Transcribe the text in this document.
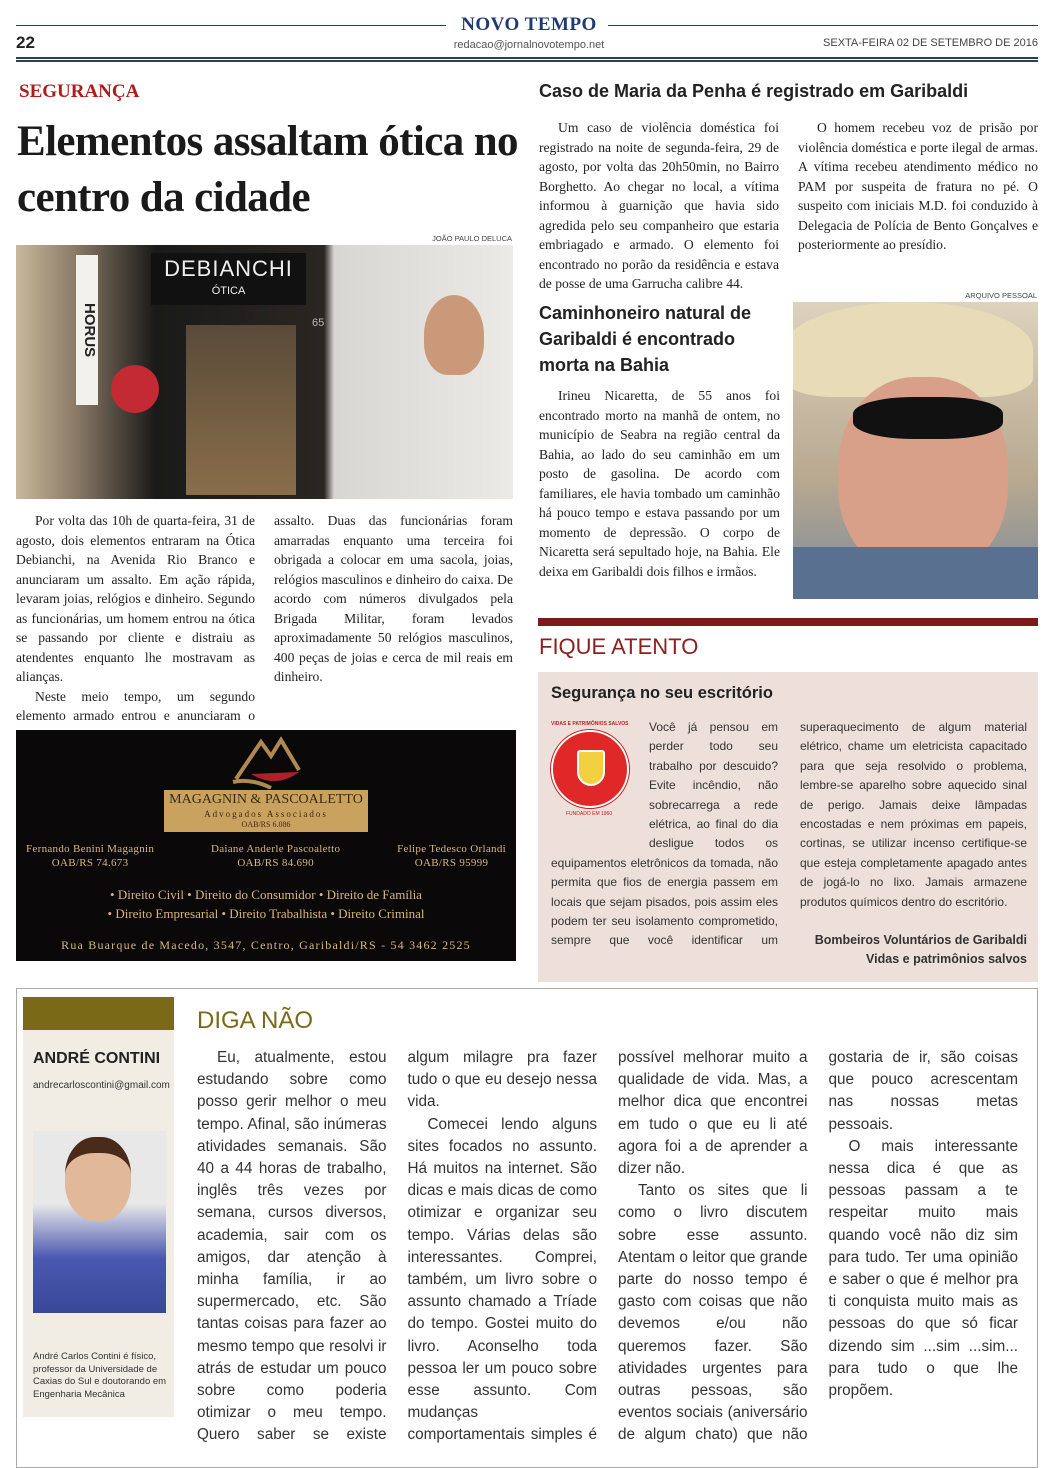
NOVO TEMPO
22	redacao@jornalnovotempo.net	SEXTA-FEIRA 02 DE SETEMBRO DE 2016
SEGURANÇA
Elementos assaltam ótica no centro da cidade
JOÃO PAULO DELUCA
DEBIANCHI
ÓTICA
HORUS	65

Por volta das 10h de quarta-feira, 31 de agosto, dois elementos entraram na Ótica Debianchi, na Avenida Rio Branco e anunciaram um assalto. Em ação rápida, levaram joias, relógios e dinheiro. Segundo as funcionárias, um homem entrou na ótica se passando por cliente e distraiu as atendentes enquanto lhe mostravam as alianças.

Neste meio tempo, um segundo elemento armado entrou e anunciaram o assalto. Duas das funcionárias foram amarradas enquanto uma terceira foi obrigada a colocar em uma sacola, joias, relógios masculinos e dinheiro do caixa. De acordo com números divulgados pela Brigada Militar, foram levados aproximadamente 50 relógios masculinos, 400 peças de joias e cerca de mil reais em dinheiro.

MAGAGNIN & PASCOALETTO
Advogados Associados
OAB/RS 6.086
Fernando Benini Magagnin
OAB/RS 74.673
Daiane Anderle Pascoaletto
OAB/RS 84.690
Felipe Tedesco Orlandi
OAB/RS 95999
• Direito Civil • Direito do Consumidor • Direito de Família
• Direito Empresarial • Direito Trabalhista • Direito Criminal
Rua Buarque de Macedo, 3547, Centro, Garibaldi/RS - 54 3462 2525
Caso de Maria da Penha é registrado em Garibaldi

Um caso de violência doméstica foi registrado na noite de segunda-feira, 29 de agosto, por volta das 20h50min, no Bairro Borghetto. Ao chegar no local, a vítima informou à guarnição que havia sido agredida pelo seu companheiro que estaria embriagado e armado. O elemento foi encontrado no porão da residência e estava de posse de uma Garrucha calibre 44.

O homem recebeu voz de prisão por violência doméstica e porte ilegal de armas. A vítima recebeu atendimento médico no PAM por suspeita de fratura no pé. O suspeito com iniciais M.D. foi conduzido à Delegacia de Polícia de Bento Gonçalves e posteriormente ao presídio.

Caminhoneiro natural de Garibaldi é encontrado morta na Bahia
ARQUIVO PESSOAL

Irineu Nicaretta, de 55 anos foi encontrado morto na manhã de ontem, no município de Seabra na região central da Bahia, ao lado do seu caminhão em um posto de gasolina. De acordo com familiares, ele havia tombado um caminhão há pouco tempo e estava passando por um momento de depressão. O corpo de Nicaretta será sepultado hoje, na Bahia. Ele deixa em Garibaldi dois filhos e irmãos.

FIQUE ATENTO
Segurança no seu escritório
VIDAS E PATRIMÔNIOS SALVOS
FUNDADO EM 1960

Você já pensou em perder todo seu trabalho por descuido? Evite incêndio, não sobrecarrega a rede elétrica, ao final do dia desligue todos os equipamentos eletrônicos da tomada, não permita que fios de energia passem em locais que sejam pisados, pois assim eles podem ter seu isolamento comprometido, sempre que você identificar um superaquecimento de algum material elétrico, chame um eletricista capacitado para que seja resolvido o problema, lembre-se aparelho sobre aquecido sinal de perigo. Jamais deixe lâmpadas encostadas e nem próximas em papeis, cortinas, se utilizar incenso certifique-se que esteja completamente apagado antes de jogá-lo no lixo. Jamais armazene produtos químicos dentro do escritório.

Bombeiros Voluntários de Garibaldi
Vidas e patrimônios salvos
ANDRÉ CONTINI
andrecarloscontini@gmail.com
André Carlos Contini é físico, professor da Universidade de Caxias do Sul e doutorando em Engenharia Mecânica
DIGA NÃO

Eu, atualmente, estou estudando sobre como posso gerir melhor o meu tempo. Afinal, são inúmeras atividades semanais. São 40 a 44 horas de trabalho, inglês três vezes por semana, cursos diversos, academia, sair com os amigos, dar atenção à minha família, ir ao supermercado, etc. São tantas coisas para fazer ao mesmo tempo que resolvi ir atrás de estudar um pouco sobre como poderia otimizar o meu tempo. Quero saber se existe algum milagre pra fazer tudo o que eu desejo nessa vida.

Comecei lendo alguns sites focados no assunto. Há muitos na internet. São dicas e mais dicas de como otimizar e organizar seu tempo. Várias delas são interessantes. Comprei, também, um livro sobre o assunto chamado a Tríade do tempo. Gostei muito do livro. Aconselho toda pessoa ler um pouco sobre esse assunto. Com mudanças comportamentais simples é possível melhorar muito a qualidade de vida. Mas, a melhor dica que encontrei em tudo o que eu li até agora foi a de aprender a dizer não.

Tanto os sites que li como o livro discutem sobre esse assunto. Atentam o leitor que grande parte do nosso tempo é gasto com coisas que não devemos e/ou não queremos fazer. São atividades urgentes para outras pessoas, são eventos sociais (aniversário de algum chato) que não gostaria de ir, são coisas que pouco acrescentam nas nossas metas pessoais.

O mais interessante nessa dica é que as pessoas passam a te respeitar muito mais quando você não diz sim para tudo. Ter uma opinião e saber o que é melhor pra ti conquista muito mais as pessoas do que só ficar dizendo sim ...sim ...sim... para tudo o que lhe propõem.
